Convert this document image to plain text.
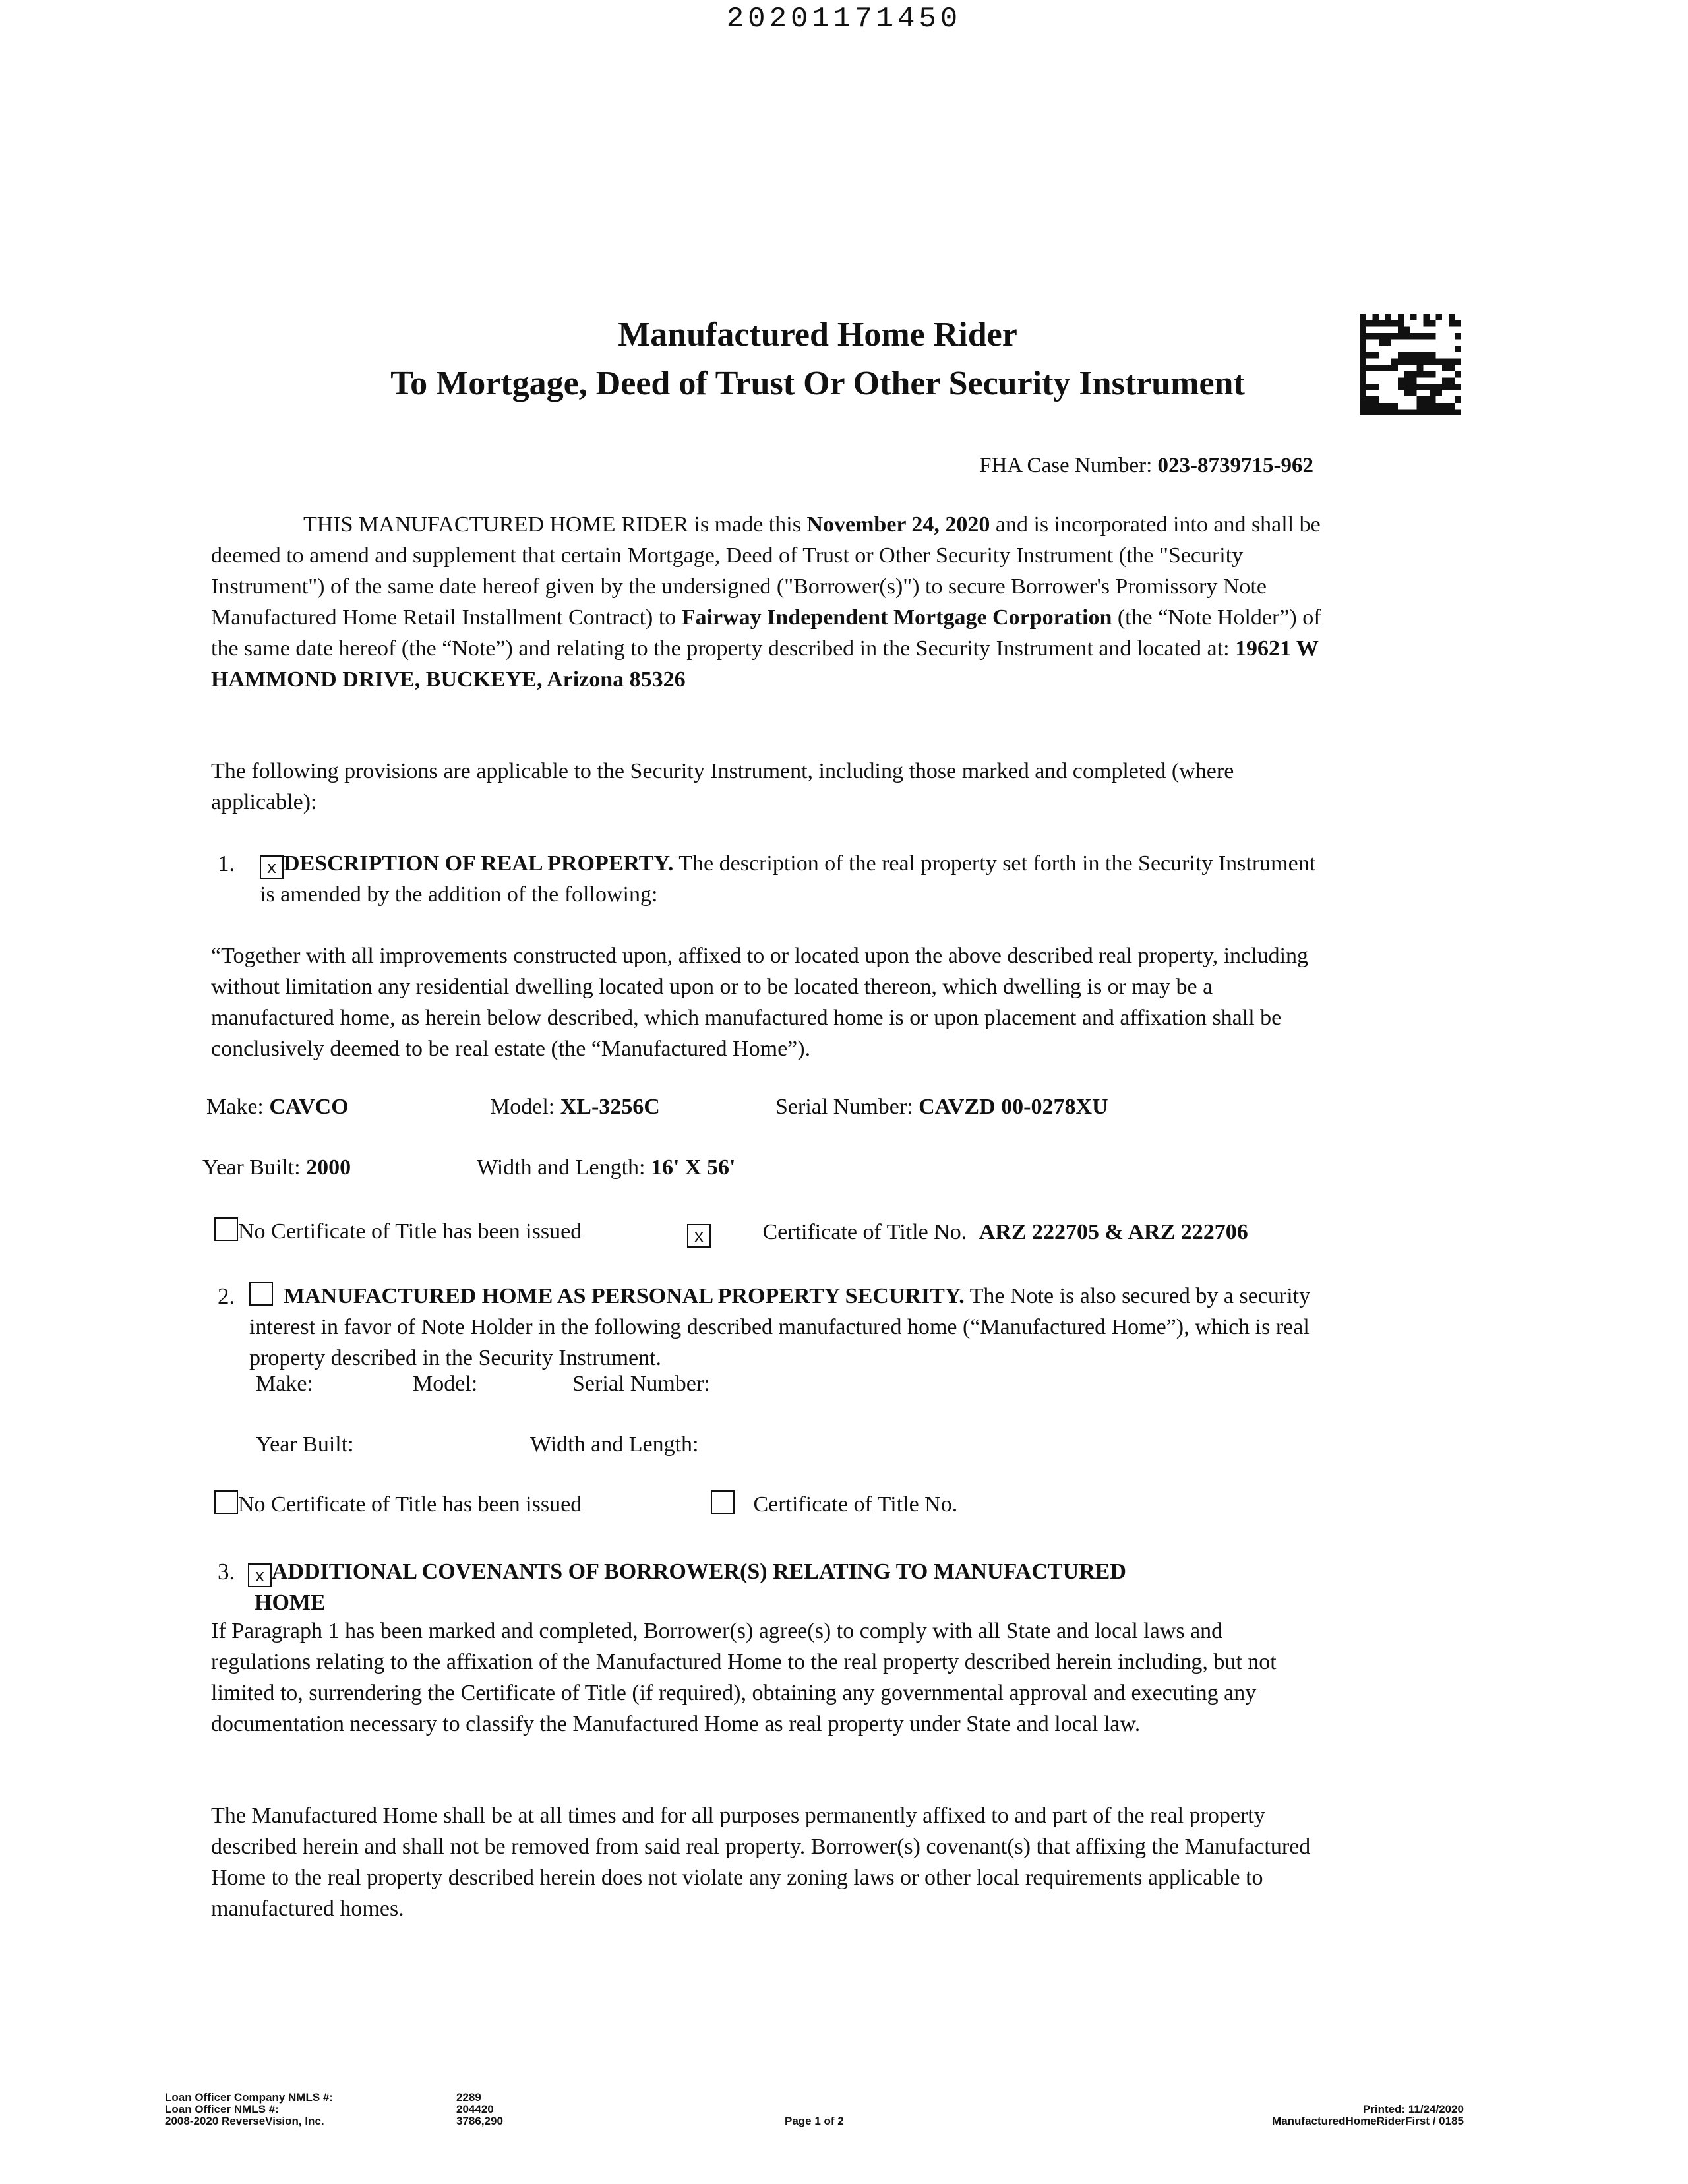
20201171450
Manufactured Home Rider
To Mortgage, Deed of Trust Or Other Security Instrument
FHA Case Number: 023-8739715-962
THIS MANUFACTURED HOME RIDER is made this November 24, 2020 and is incorporated into and shall be deemed to amend and supplement that certain Mortgage, Deed of Trust or Other Security Instrument (the "Security Instrument") of the same date hereof given by the undersigned ("Borrower(s)") to secure Borrower's Promissory Note Manufactured Home Retail Installment Contract) to Fairway Independent Mortgage Corporation (the “Note Holder”) of the same date hereof (the “Note”) and relating to the property described in the Security Instrument and located at: 19621 W HAMMOND DRIVE, BUCKEYE, Arizona 85326
The following provisions are applicable to the Security Instrument, including those marked and completed (where applicable):
1.	x DESCRIPTION OF REAL PROPERTY. The description of the real property set forth in the Security Instrument is amended by the addition of the following:
“Together with all improvements constructed upon, affixed to or located upon the above described real property, including without limitation any residential dwelling located upon or to be located thereon, which dwelling is or may be a manufactured home, as herein below described, which manufactured home is or upon placement and affixation shall be conclusively deemed to be real estate (the “Manufactured Home”).
Make: CAVCO	Model: XL-3256C	Serial Number: CAVZD 00-0278XU
Year Built: 2000	Width and Length: 16' X 56'
No Certificate of Title has been issued	x	Certificate of Title No. ARZ 222705 & ARZ 222706
2.	MANUFACTURED HOME AS PERSONAL PROPERTY SECURITY. The Note is also secured by a security interest in favor of Note Holder in the following described manufactured home (“Manufactured Home”), which is real property described in the Security Instrument.
Make:	Model:	Serial Number:
Year Built:	Width and Length:
No Certificate of Title has been issued	Certificate of Title No.
3.	x ADDITIONAL COVENANTS OF BORROWER(S) RELATING TO MANUFACTURED
HOME
If Paragraph 1 has been marked and completed, Borrower(s) agree(s) to comply with all State and local laws and regulations relating to the affixation of the Manufactured Home to the real property described herein including, but not limited to, surrendering the Certificate of Title (if required), obtaining any governmental approval and executing any documentation necessary to classify the Manufactured Home as real property under State and local law.
The Manufactured Home shall be at all times and for all purposes permanently affixed to and part of the real property described herein and shall not be removed from said real property. Borrower(s) covenant(s) that affixing the Manufactured Home to the real property described herein does not violate any zoning laws or other local requirements applicable to manufactured homes.
Loan Officer Company NMLS #:
Loan Officer NMLS #:
2008-2020 ReverseVision, Inc.
2289
204420
3786,290	Page 1 of 2
Printed: 11/24/2020
ManufacturedHomeRiderFirst / 0185
